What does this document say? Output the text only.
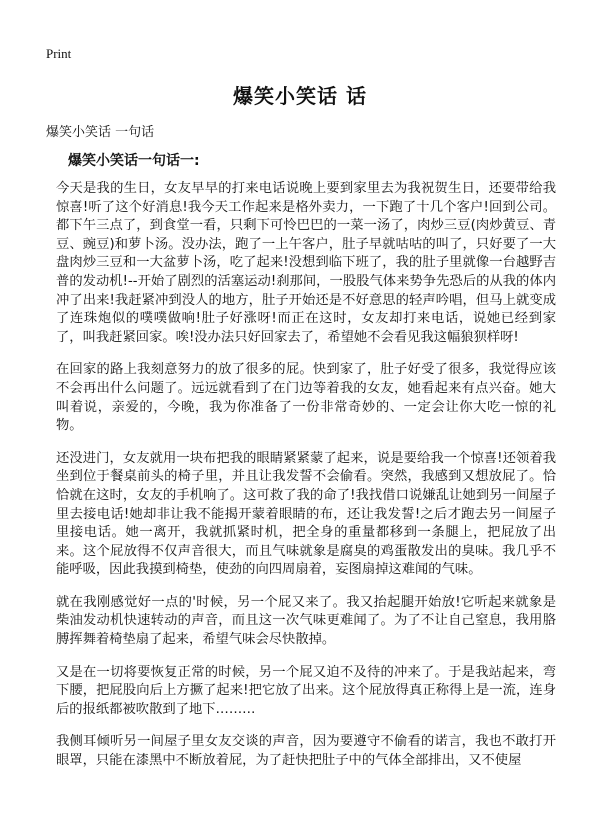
Print
爆笑小笑话 话

爆笑小笑话 一句话

爆笑小笑话一句话一:

今天是我的生日，女友早早的打来电话说晚上要到家里去为我祝贺生日，还要带给我惊喜!听了这个好消息!我今天工作起来是格外卖力，一下跑了十几个客户!回到公司。都下午三点了，到食堂一看，只剩下可怜巴巴的一菜一汤了，肉炒三豆(肉炒黄豆、青豆、豌豆)和萝卜汤。没办法，跑了一上午客户，肚子早就咕咕的叫了，只好要了一大盘肉炒三豆和一大盆萝卜汤，吃了起来!没想到临下班了，我的肚子里就像一台越野吉普的发动机!--开始了剧烈的活塞运动!刹那间，一股股气体来势争先恐后的从我的体内冲了出来!我赶紧冲到没人的地方，肚子开始还是不好意思的轻声吟唱，但马上就变成了连珠炮似的噗噗做响!肚子好涨呀!而正在这时，女友却打来电话，说她已经到家了，叫我赶紧回家。唉!没办法只好回家去了，希望她不会看见我这幅狼狈样呀!

在回家的路上我刻意努力的放了很多的屁。快到家了，肚子好受了很多，我觉得应该不会再出什么问题了。远远就看到了在门边等着我的女友，她看起来有点兴奋。她大叫着说，亲爱的，今晚，我为你准备了一份非常奇妙的、一定会让你大吃一惊的礼物。

还没进门，女友就用一块布把我的眼睛紧紧蒙了起来，说是要给我一个惊喜!还领着我坐到位于餐桌前头的椅子里，并且让我发誓不会偷看。突然，我感到又想放屁了。恰恰就在这时，女友的手机响了。这可救了我的命了!我找借口说嫌乱让她到另一间屋子里去接电话!她却非让我不能揭开蒙着眼睛的布，还让我发誓!之后才跑去另一间屋子里接电话。她一离开，我就抓紧时机，把全身的重量都移到一条腿上，把屁放了出来。这个屁放得不仅声音很大，而且气味就象是腐臭的鸡蛋散发出的臭味。我几乎不能呼吸，因此我摸到椅垫，使劲的向四周扇着，妄图扇掉这难闻的气味。

就在我刚感觉好一点的'时候，另一个屁又来了。我又抬起腿开始放!它听起来就象是柴油发动机快速转动的声音，而且这一次气味更难闻了。为了不让自己窒息，我用胳膊挥舞着椅垫扇了起来，希望气味会尽快散掉。

又是在一切将要恢复正常的时候，另一个屁又迫不及待的冲来了。于是我站起来，弯下腰，把屁股向后上方撅了起来!把它放了出来。这个屁放得真正称得上是一流，连身后的报纸都被吹散到了地下………

我侧耳倾听另一间屋子里女友交谈的声音，因为要遵守不偷看的诺言，我也不敢打开眼罩，只能在漆黑中不断放着屁，为了赶快把肚子中的气体全部排出，又不使屋
